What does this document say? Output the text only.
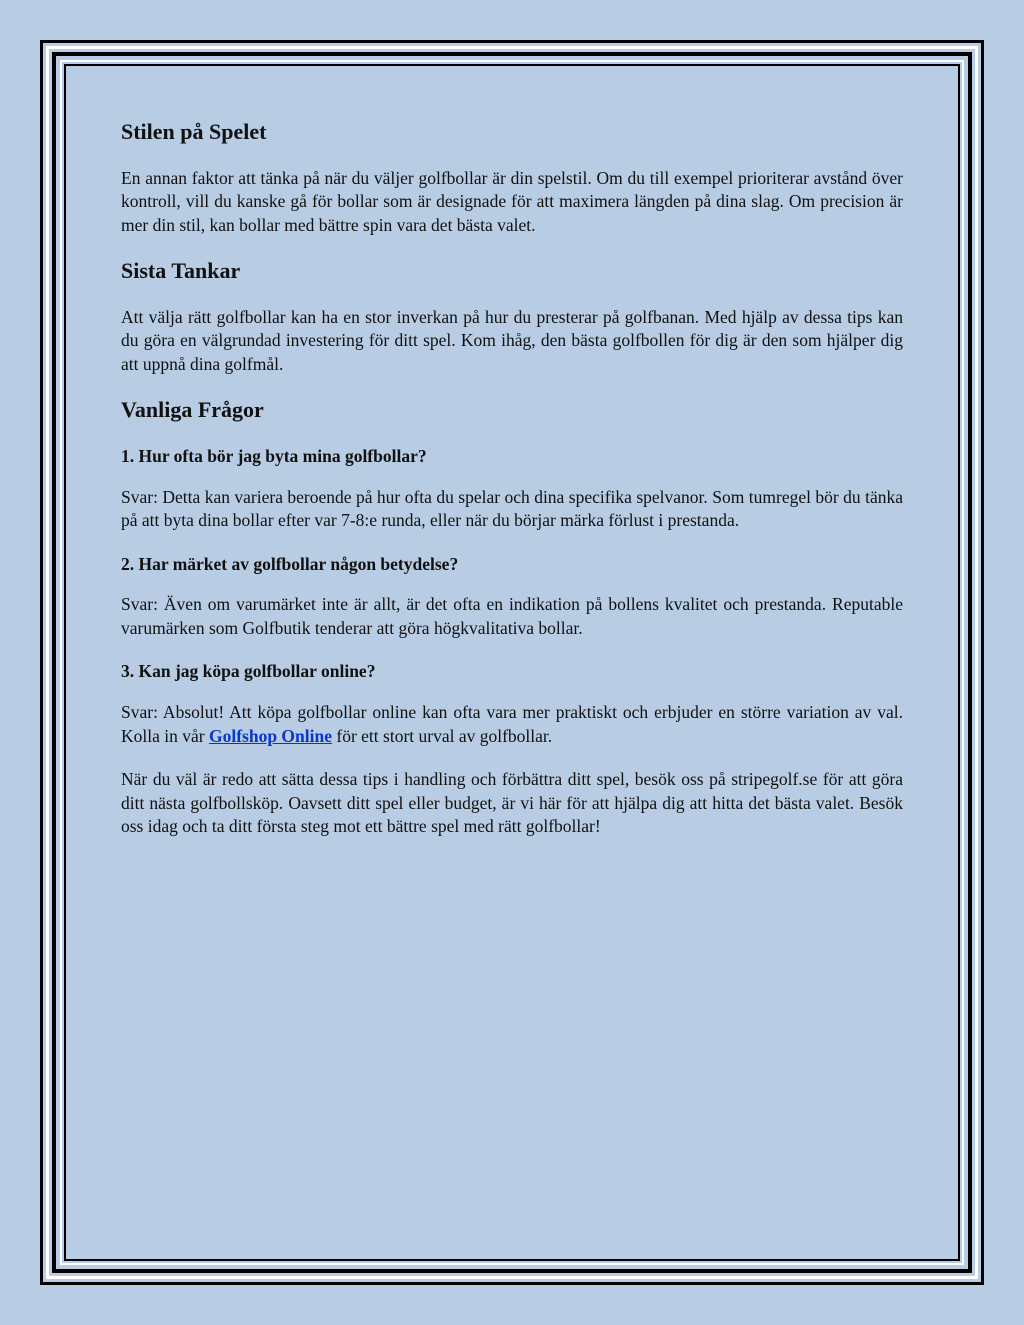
Stilen på Spelet

En annan faktor att tänka på när du väljer golfbollar är din spelstil. Om du till exempel prioriterar avstånd över kontroll, vill du kanske gå för bollar som är designade för att maximera längden på dina slag. Om precision är mer din stil, kan bollar med bättre spin vara det bästa valet.

Sista Tankar

Att välja rätt golfbollar kan ha en stor inverkan på hur du presterar på golfbanan. Med hjälp av dessa tips kan du göra en välgrundad investering för ditt spel. Kom ihåg, den bästa golfbollen för dig är den som hjälper dig att uppnå dina golfmål.

Vanliga Frågor
1. Hur ofta bör jag byta mina golfbollar?

Svar: Detta kan variera beroende på hur ofta du spelar och dina specifika spelvanor. Som tumregel bör du tänka på att byta dina bollar efter var 7-8:e runda, eller när du börjar märka förlust i prestanda.

2. Har märket av golfbollar någon betydelse?

Svar: Även om varumärket inte är allt, är det ofta en indikation på bollens kvalitet och prestanda. Reputable varumärken som Golfbutik tenderar att göra högkvalitativa bollar.

3. Kan jag köpa golfbollar online?

Svar: Absolut! Att köpa golfbollar online kan ofta vara mer praktiskt och erbjuder en större variation av val. Kolla in vår Golfshop Online för ett stort urval av golfbollar.

När du väl är redo att sätta dessa tips i handling och förbättra ditt spel, besök oss på stripegolf.se för att göra ditt nästa golfbollsköp. Oavsett ditt spel eller budget, är vi här för att hjälpa dig att hitta det bästa valet. Besök oss idag och ta ditt första steg mot ett bättre spel med rätt golfbollar!
